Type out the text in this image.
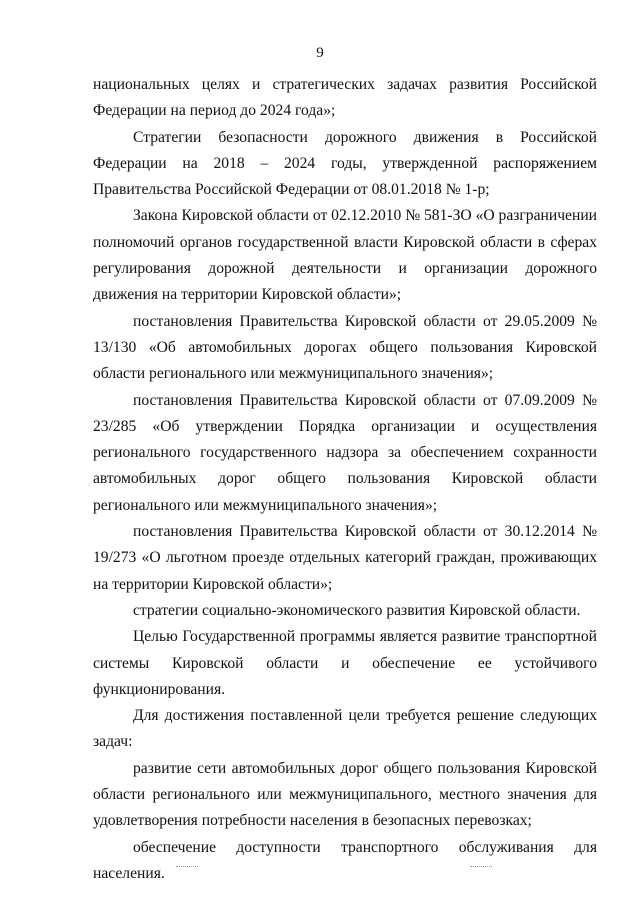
9

национальных целях и стратегических задачах развития Российской Федерации на период до 2024 года»;

Стратегии безопасности дорожного движения в Российской Федерации на 2018 – 2024 годы, утвержденной распоряжением Правительства Российской Федерации от 08.01.2018 № 1-р;

Закона Кировской области от 02.12.2010 № 581-ЗО «О разграничении полномочий органов государственной власти Кировской области в сферах регулирования дорожной деятельности и организации дорожного движения на территории Кировской области»;

постановления Правительства Кировской области от 29.05.2009 № 13/130 «Об автомобильных дорогах общего пользования Кировской области регионального или межмуниципального значения»;

постановления Правительства Кировской области от 07.09.2009 № 23/285 «Об утверждении Порядка организации и осуществления регионального государственного надзора за обеспечением сохранности автомобильных дорог общего пользования Кировской области регионального или межмуниципального значения»;

постановления Правительства Кировской области от 30.12.2014 № 19/273 «О льготном проезде отдельных категорий граждан, проживающих на территории Кировской области»;

стратегии социально-экономического развития Кировской области.

Целью Государственной программы является развитие транспортной системы Кировской области и обеспечение ее устойчивого функционирования.

Для достижения поставленной цели требуется решение следующих задач:

развитие сети автомобильных дорог общего пользования Кировской области регионального или межмуниципального, местного значения для удовлетворения потребности населения в безопасных перевозках;

обеспечение доступности транспортного обслуживания для населения.
